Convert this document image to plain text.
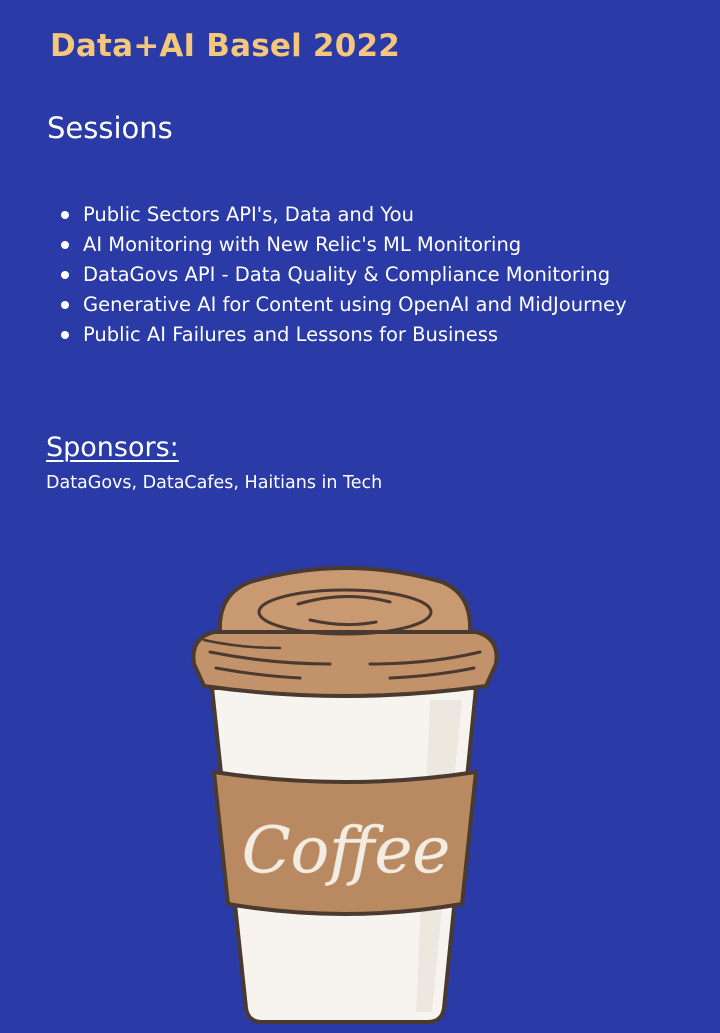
Data+AI Basel 2022
Sessions
Public Sectors API's, Data and You
AI Monitoring with New Relic's ML Monitoring
DataGovs API - Data Quality & Compliance Monitoring
Generative AI for Content using OpenAI and MidJourney
Public AI Failures and Lessons for Business
Sponsors:
DataGovs, DataCafes, Haitians in Tech
Coffee
